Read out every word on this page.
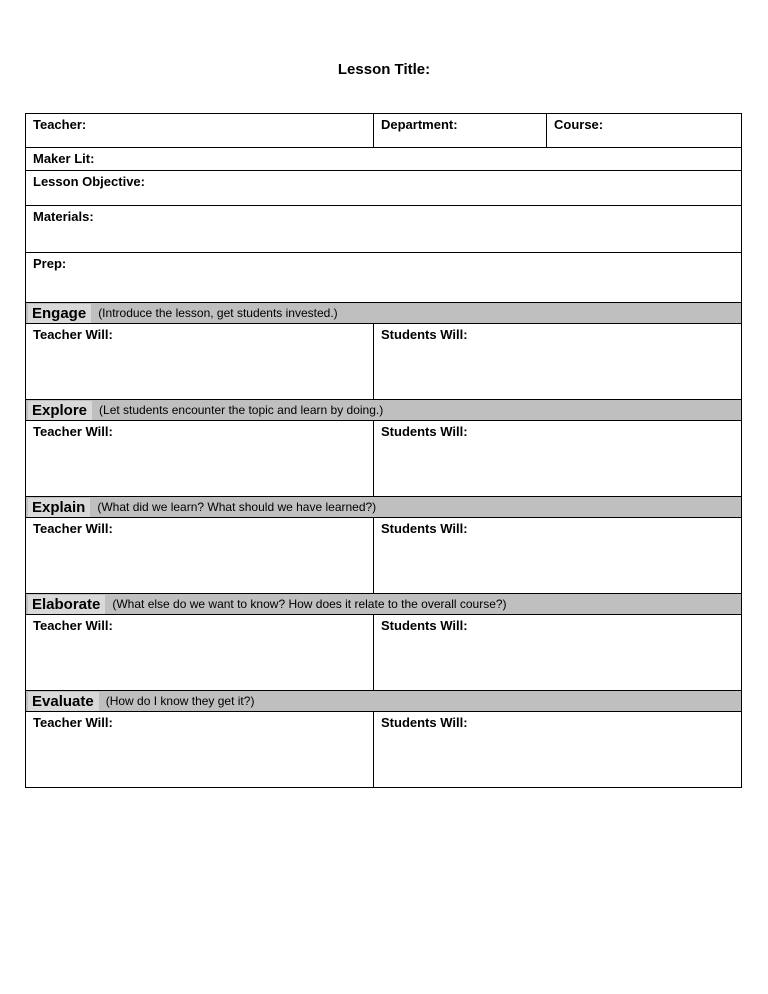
Lesson Title:
Teacher:	Department:	Course:
Maker Lit:		
Lesson Objective:		
Materials:		
Prep:		
Engage (Introduce the lesson, get students invested.)		
Teacher Will:	Students Will:	
Explore (Let students encounter the topic and learn by doing.)		
Teacher Will:	Students Will:	
Explain (What did we learn? What should we have learned?)		
Teacher Will:	Students Will:	
Elaborate (What else do we want to know? How does it relate to the overall course?)		
Teacher Will:	Students Will:	
Evaluate (How do I know they get it?)		
Teacher Will:	Students Will:	
